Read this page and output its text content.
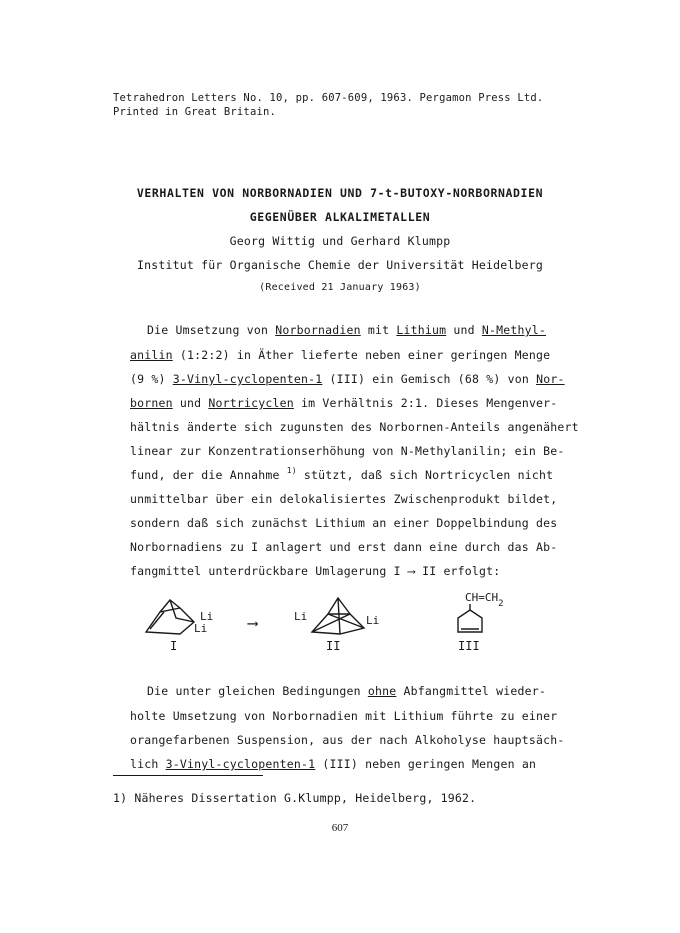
Tetrahedron Letters No. 10, pp. 607-609, 1963. Pergamon Press Ltd.
Printed in Great Britain.
VERHALTEN VON NORBORNADIEN UND 7-t-BUTOXY-NORBORNADIEN
GEGENÜBER ALKALIMETALLEN
Georg Wittig und Gerhard Klumpp
Institut für Organische Chemie der Universität Heidelberg
(Received 21 January 1963)
Die Umsetzung von Norbornadien mit Lithium und N-Methyl-
anilin (1:2:2) in Äther lieferte neben einer geringen Menge
(9 %) 3-Vinyl-cyclopenten-1 (III) ein Gemisch (68 %) von Nor-
bornen und Nortricyclen im Verhältnis 2:1. Dieses Mengenver-
hältnis änderte sich zugunsten des Norbornen-Anteils angenähert
linear zur Konzentrationserhöhung von N-Methylanilin; ein Be-
fund, der die Annahme $^{1)}$ stützt, daß sich Nortricyclen nicht
unmittelbar über ein delokalisiertes Zwischenprodukt bildet,
sondern daß sich zunächst Lithium an einer Doppelbindung des
Norbornadiens zu I anlagert und erst dann eine durch das Ab-
fangmittel unterdrückbare Umlagerung I ⟶ II erfolgt:
Li
Li
I
⟶	Li	Li
II
$CH=CH_2$
III
Die unter gleichen Bedingungen ohne Abfangmittel wieder-
holte Umsetzung von Norbornadien mit Lithium führte zu einer
orangefarbenen Suspension, aus der nach Alkoholyse hauptsäch-
lich 3-Vinyl-cyclopenten-1 (III) neben geringen Mengen an
1) Näheres Dissertation G.Klumpp, Heidelberg, 1962.
607
